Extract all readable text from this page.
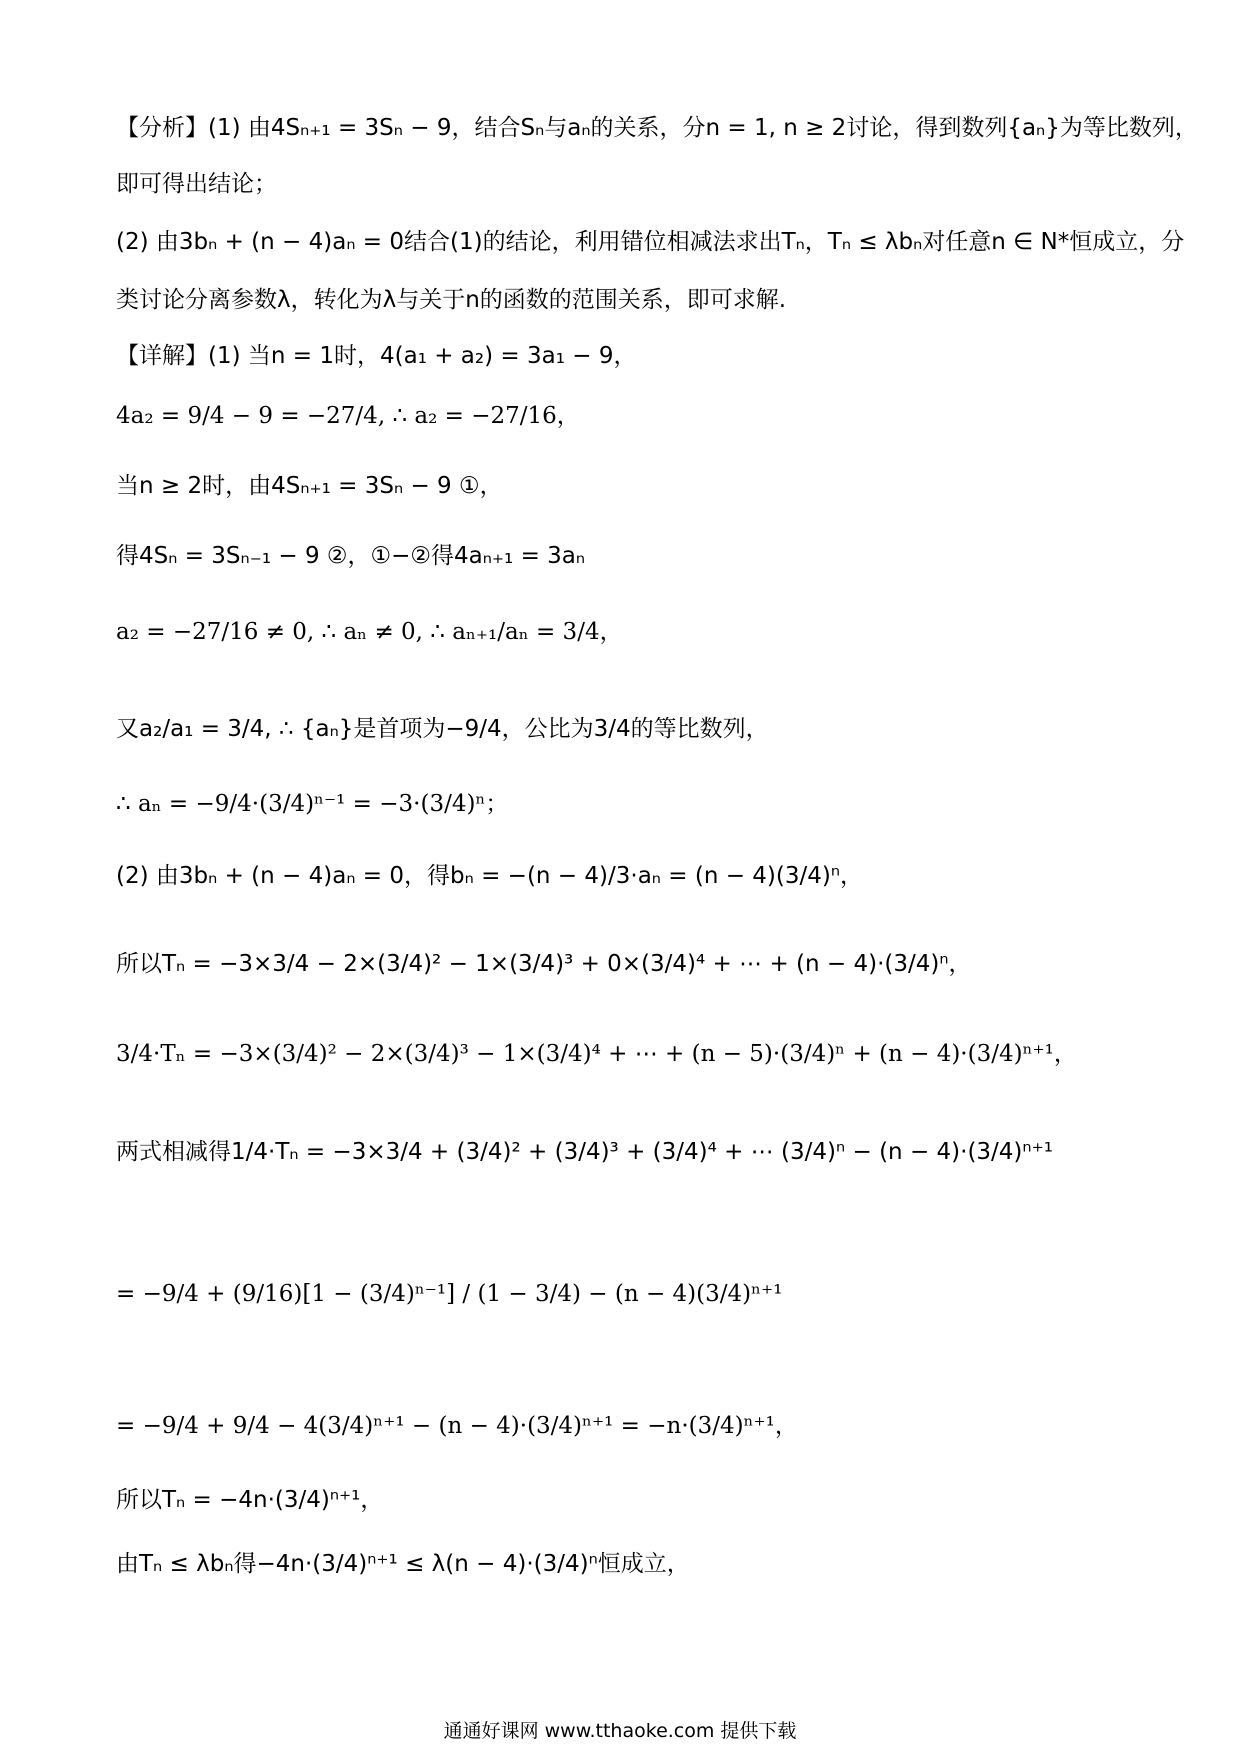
【分析】(1) 由4Sₙ₊₁ = 3Sₙ − 9，结合Sₙ与aₙ的关系，分n = 1, n ≥ 2讨论，得到数列{aₙ}为等比数列，
即可得出结论；
(2) 由3bₙ + (n − 4)aₙ = 0结合(1)的结论，利用错位相减法求出Tₙ，Tₙ ≤ λbₙ对任意n ∈ N*恒成立，分
类讨论分离参数λ，转化为λ与关于n的函数的范围关系，即可求解.
【详解】(1) 当n = 1时，4(a₁ + a₂) = 3a₁ − 9，
4a₂ = 9/4 − 9 = −27/4, ∴ a₂ = −27/16，
当n ≥ 2时，由4Sₙ₊₁ = 3Sₙ − 9 ①，
得4Sₙ = 3Sₙ₋₁ − 9 ②，①−②得4aₙ₊₁ = 3aₙ
a₂ = −27/16 ≠ 0, ∴ aₙ ≠ 0, ∴ aₙ₊₁/aₙ = 3/4，
又a₂/a₁ = 3/4, ∴ {aₙ}是首项为−9/4，公比为3/4的等比数列，
∴ aₙ = −9/4·(3/4)ⁿ⁻¹ = −3·(3/4)ⁿ；
(2) 由3bₙ + (n − 4)aₙ = 0，得bₙ = −(n − 4)/3·aₙ = (n − 4)(3/4)ⁿ，
所以Tₙ = −3×3/4 − 2×(3/4)² − 1×(3/4)³ + 0×(3/4)⁴ + ⋯ + (n − 4)·(3/4)ⁿ，
3/4·Tₙ = −3×(3/4)² − 2×(3/4)³ − 1×(3/4)⁴ + ⋯ + (n − 5)·(3/4)ⁿ + (n − 4)·(3/4)ⁿ⁺¹，
两式相减得1/4·Tₙ = −3×3/4 + (3/4)² + (3/4)³ + (3/4)⁴ + ⋯ (3/4)ⁿ − (n − 4)·(3/4)ⁿ⁺¹
= −9/4 + (9/16)[1 − (3/4)ⁿ⁻¹] / (1 − 3/4) − (n − 4)(3/4)ⁿ⁺¹
= −9/4 + 9/4 − 4(3/4)ⁿ⁺¹ − (n − 4)·(3/4)ⁿ⁺¹ = −n·(3/4)ⁿ⁺¹，
所以Tₙ = −4n·(3/4)ⁿ⁺¹，
由Tₙ ≤ λbₙ得−4n·(3/4)ⁿ⁺¹ ≤ λ(n − 4)·(3/4)ⁿ恒成立，
通通好课网 www.tthaoke.com 提供下载
